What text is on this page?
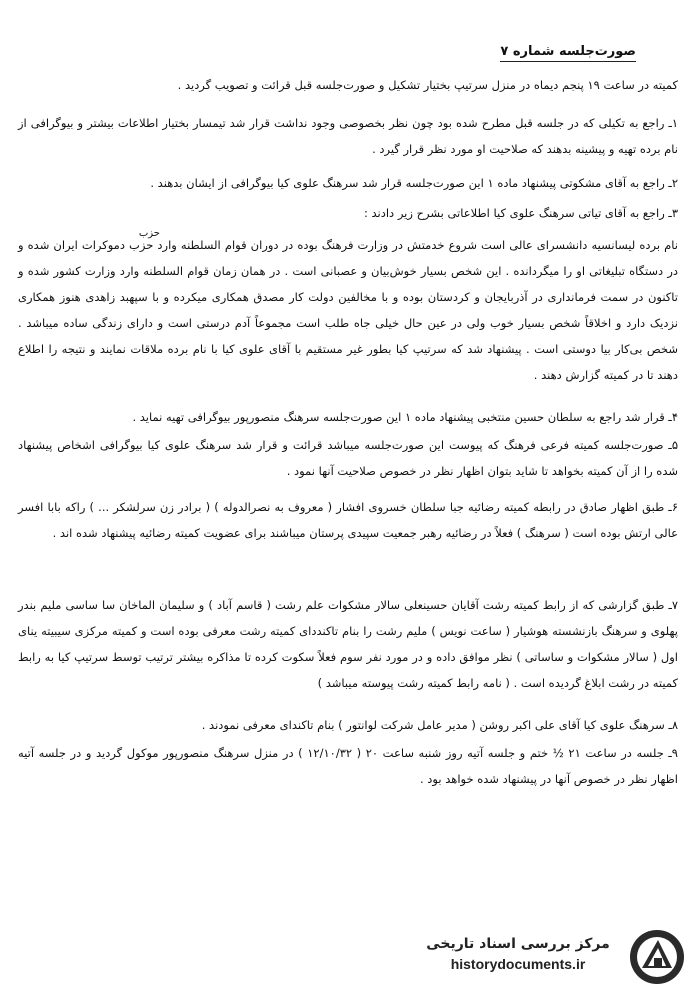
صورت‌جلسه شماره ۷
حزب
کمیته در ساعت ۱۹ پنجم دیماه در منزل سرتیپ بختیار تشکیل و صورت‌جلسه قبل قرائت و تصویب گردید .
۱ـ راجع به تکیلی که در جلسه قبل مطرح شده بود چون نظر بخصوصی وجود نداشت قرار شد تیمسار بختیار اطلاعات بیشتر و بیوگرافی از نام برده تهیه و پیشینه بدهند که صلاحیت او مورد نظر قرار گیرد .
۲ـ راجع به آقای مشکوتی پیشنهاد ماده ۱ این صورت‌جلسه قرار شد سرهنگ علوی کیا بیوگرافی از ایشان بدهند .
۳ـ راجع به آقای تیاتی سرهنگ علوی کیا اطلاعاتی بشرح زیر دادند :
نام برده لیسانسیه دانشسرای عالی است شروع خدمتش در وزارت فرهنگ بوده در دوران قوام السلطنه وارد حزب دموکرات ایران شده و در دستگاه تبلیغاتی او را میگردانده . این شخص بسیار خوش‌بیان و عصبانی است . در همان زمان قوام السلطنه وارد وزارت کشور شده و تاکنون در سمت فرمانداری در آذربایجان و کردستان بوده و با مخالفین دولت کار مصدق همکاری میکرده و با سپهبد زاهدی هنوز همکاری نزدیک دارد و اخلاقاً شخص بسیار خوب ولی در عین حال خیلی جاه طلب است مجموعاً آدم درستی است و دارای زندگی ساده میباشد . شخص بی‌کار بیا دوستی است . پیشنهاد شد که سرتیپ کیا بطور غیر مستقیم با آقای علوی کیا با نام برده ملاقات نمایند و نتیجه را اطلاع دهند تا در کمیته گزارش دهند .
۴ـ قرار شد راجع به سلطان حسین منتخبی پیشنهاد ماده ۱ این صورت‌جلسه سرهنگ منصورپور بیوگرافی تهیه نماید .
۵ـ صورت‌جلسه کمیته فرعی فرهنگ که پیوست این صورت‌جلسه میباشد قرائت و قرار شد سرهنگ علوی کیا بیوگرافی اشخاص پیشنهاد شده را از آن کمیته بخواهد تا شاید بتوان اظهار نظر در خصوص صلاحیت آنها نمود .
۶ـ طبق اظهار صادق در رابطه کمیته رضائیه جبا سلطان خسروی افشار ( معروف به نصرالدوله ) ( برادر زن سرلشکر ... ) راکه بابا افسر عالی ارتش بوده است ( سرهنگ ) فعلاً در رضائیه رهبر جمعیت سپیدی پرستان میباشند برای عضویت کمیته رضائیه پیشنهاد شده اند .
۷ـ طبق گزارشی که از رابط کمیته رشت آقایان حسینعلی سالار مشکوات علم رشت ( قاسم آباد ) و سلیمان الماخان سا ساسی ملیم بندر پهلوی و سرهنگ بازنشسته هوشیار ( ساعت نویس ) ملیم رشت را بنام تاکنددای کمیته رشت معرفی بوده است و کمیته مرکزی سیبیته ینای اول ( سالار مشکوات و ساساتی ) نظر موافق داده و در مورد نفر سوم فعلاً سکوت کرده تا مذاکره بیشتر ترتیب توسط سرتیپ کیا به رابط کمیته در رشت ابلاغ گردیده است . ( نامه رابط کمیته رشت پیوسته میباشد )
۸ـ سرهنگ علوی کیا آقای علی اکبر روشن ( مدیر عامل شرکت لوانتور ) بنام تاکندای معرفی نمودند .
۹ـ جلسه در ساعت ۲۱ ½ ختم و جلسه آتیه روز شنبه ساعت ۲۰ ( ۱۲/۱۰/۳۲ ) در منزل سرهنگ منصورپور موکول گردید و در جلسه آتیه اظهار نظر در خصوص آنها در پیشنهاد شده خواهد بود .
مرکز بررسی اسناد تاریخی
historydocuments.ir
